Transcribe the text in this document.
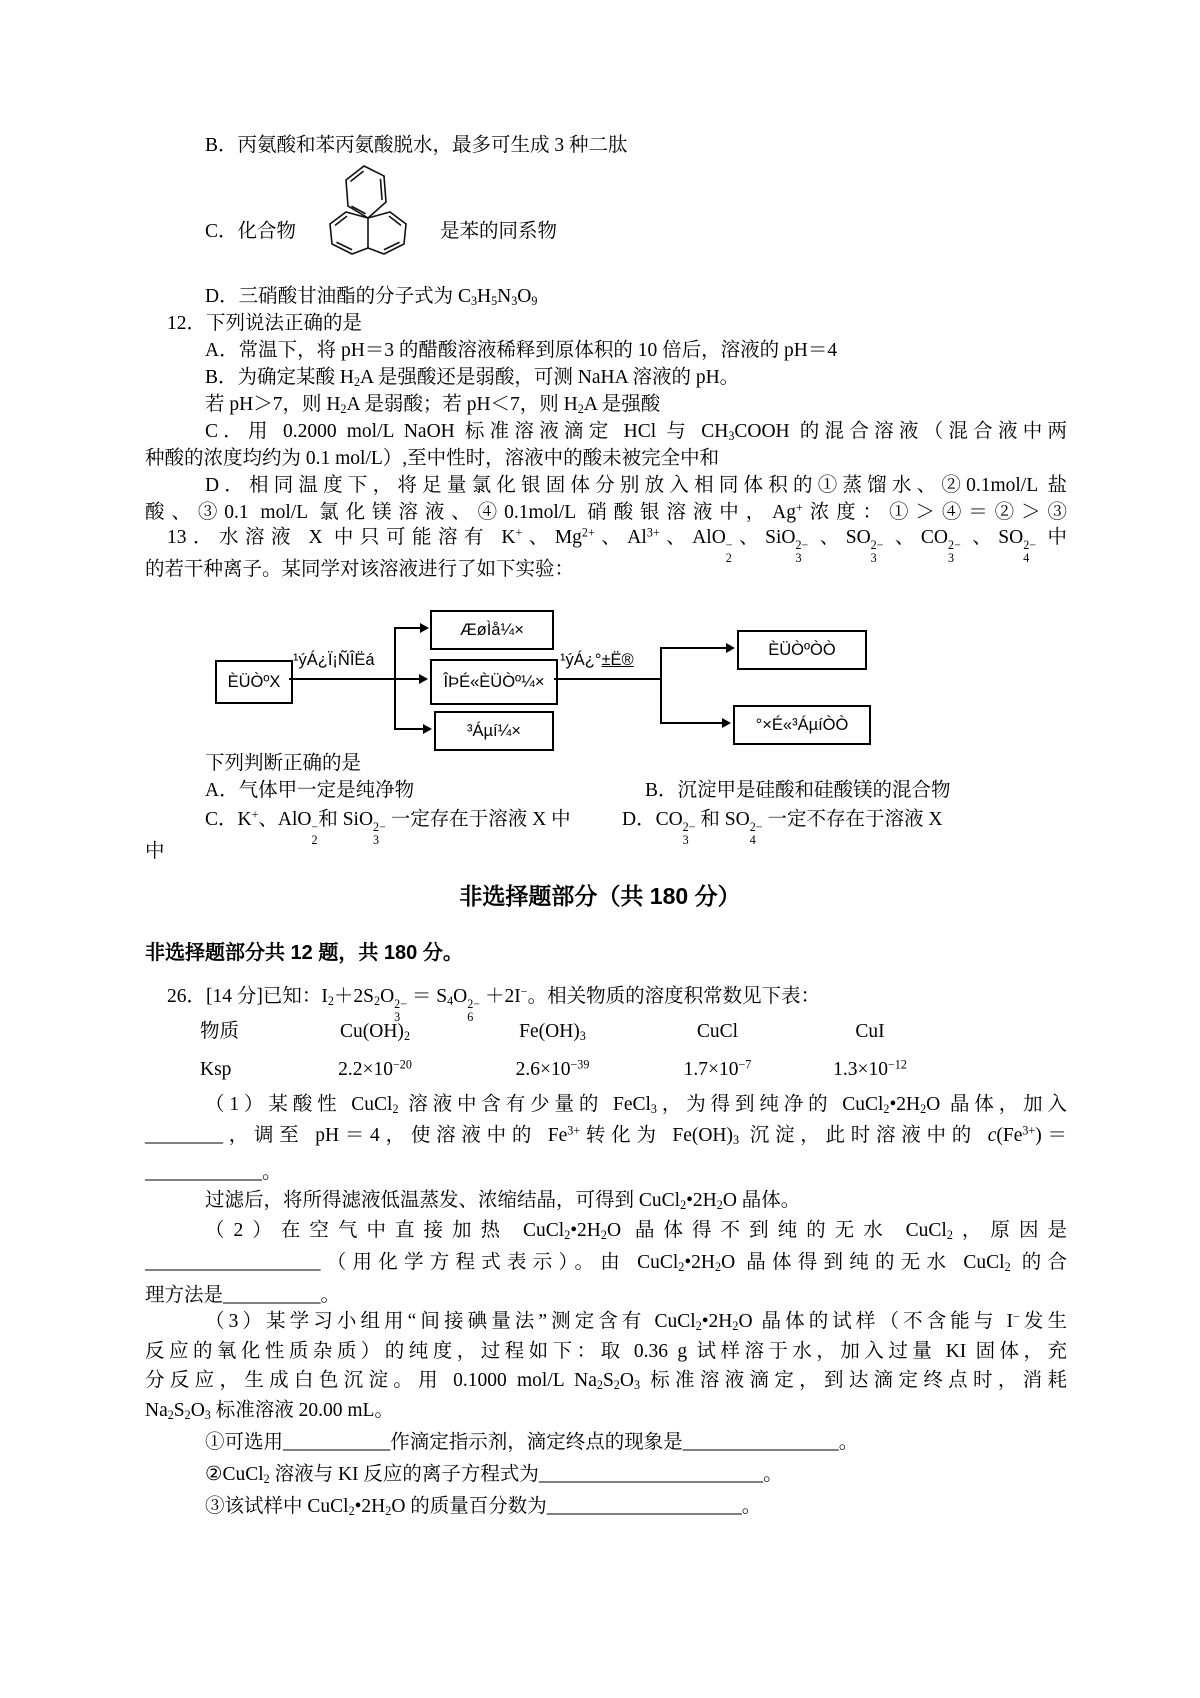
B．丙氨酸和苯丙氨酸脱水，最多可生成 3 种二肽
C．化合物	是苯的同系物
D．三硝酸甘油酯的分子式为 $C_3H_5N_3O_9$
12．下列说法正确的是
A．常温下，将 pH＝3 的醋酸溶液稀释到原体积的 10 倍后，溶液的 pH＝4
B．为确定某酸 $H_2A$ 是强酸还是弱酸，可测 NaHA 溶液的 pH。
若 pH＞7，则 $H_2A$ 是弱酸；若 pH＜7，则 $H_2A$ 是强酸
C．用 0.2000 mol/L NaOH 标准溶液滴定 HCl 与 $CH_3COOH$ 的混合溶液（混合液中两
种酸的浓度均约为 0.1 mol/L）,至中性时，溶液中的酸未被完全中和
D．相同温度下，将足量氯化银固体分别放入相同体积的①蒸馏水、②0.1mol/L 盐
酸、③0.1 mol/L 氯化镁溶液、④0.1mol/L 硝酸银溶液中，Ag+浓度：①＞④＝②＞③
13．水溶液 X 中只可能溶有 K+、$Mg^{2+}$、$Al^{3+}$、AlO −
2
、SiO 2−
3
、SO 2−
3
、CO 2−
3
、SO 2−
4
中
的若干种离子。某同学对该溶液进行了如下实验：
ÈÜÒºX
¹ýÁ¿Ï¡ÑÎËá
ÆøÌå¼×
ÎÞÉ«ÈÜÒº¼×
³Áµí¼×
¹ýÁ¿°±Ë®
ÈÜÒºÒÒ
°×É«³ÁµíÒÒ
下列判断正确的是
A．气体甲一定是纯净物	B．沉淀甲是硅酸和硅酸镁的混合物
C．K+、AlO −
2
和 SiO 2−
3
一定存在于溶液 X 中	D．CO 2−
3
和 SO 2−
4
一定不存在于溶液 X
中
非选择题部分（共 180 分）
非选择题部分共 12 题，共 180 分。
26．[14 分]已知：$I_2+2S_2O$ 2−
3
＝ $S_4O$ 2−
6
＋2I−。相关物质的溶度积常数见下表：
物质	$Cu(OH)_2$	$Fe(OH)_3$	CuCl	CuI
Ksp	$2.2\times 10^{-20}$	$2.6\times 10^{-39}$	$1.7\times 10^{-7}$	$1.3\times 10^{-12}$
（1）某酸性 CuCl$_2$ 溶液中含有少量的 FeCl$_3$，为得到纯净的 $CuCl_2•2H_2O$ 晶体，加入
________，调至 pH＝4，使溶液中的 $Fe^{3+}$转化为 $Fe(OH)_3$ 沉淀，此时溶液中的 $c(Fe^{3+})=$
____________。
过滤后，将所得滤液低温蒸发、浓缩结晶，可得到 $CuCl_2•2H_2O$ 晶体。
（2）在空气中直接加热 $CuCl_2•2H_2O$ 晶体得不到纯的无水 CuCl$_2$，原因是
__________________（用化学方程式表示）。由 $CuCl_2•2H_2O$ 晶体得到纯的无水 CuCl$_2$ 的合
理方法是__________。
（3）某学习小组用“间接碘量法”测定含有 $CuCl_2•2H_2O$ 晶体的试样（不含能与 I−发生
反应的氧化性质杂质）的纯度，过程如下：取 0.36 g 试样溶于水，加入过量 KI 固体，充
分反应，生成白色沉淀。用 0.1000 mol/L $Na_2S_2O_3$ 标准溶液滴定，到达滴定终点时，消耗
$Na_2S_2O_3$ 标准溶液 20.00 mL。
①可选用___________作滴定指示剂，滴定终点的现象是________________。
②CuCl$_2$ 溶液与 KI 反应的离子方程式为_______________________。
③该试样中 $CuCl_2•2H_2O$ 的质量百分数为____________________。
